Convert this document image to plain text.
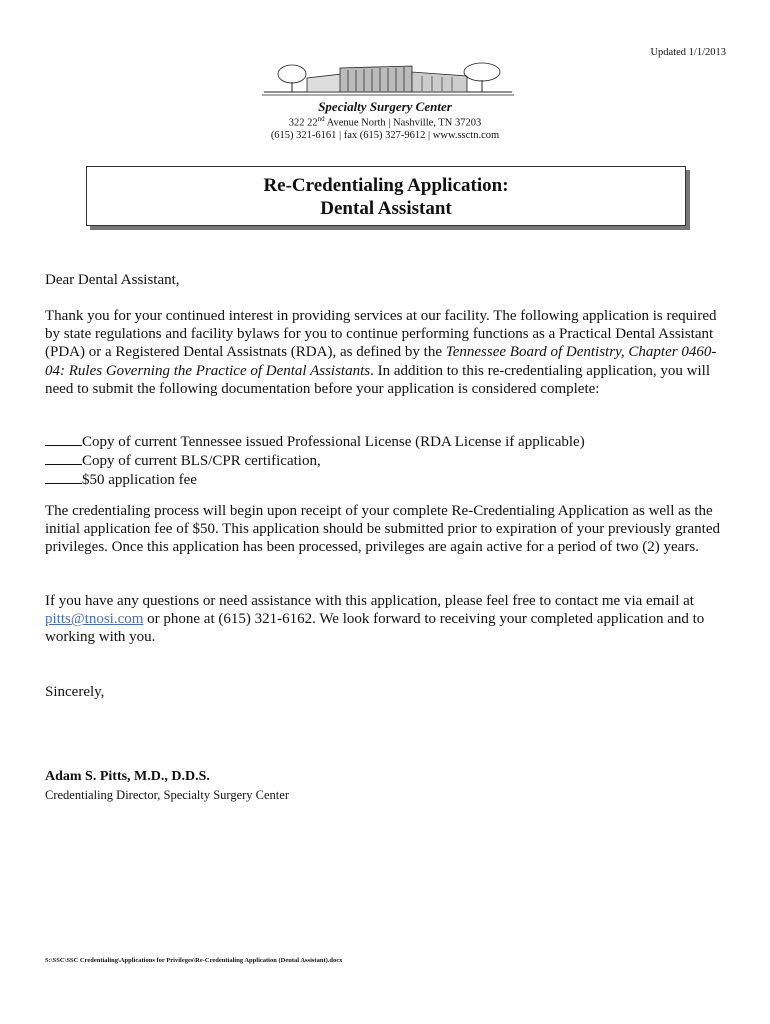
Updated 1/1/2013
Specialty Surgery Center
322 22nd Avenue North | Nashville, TN 37203
(615) 321-6161 | fax (615) 327-9612 | www.ssctn.com
Re-Credentialing Application:
Dental Assistant
Dear Dental Assistant,
Thank you for your continued interest in providing services at our facility. The following application is required by state regulations and facility bylaws for you to continue performing functions as a Practical Dental Assistant (PDA) or a Registered Dental Assistnats (RDA), as defined by the Tennessee Board of Dentistry, Chapter 0460-04: Rules Governing the Practice of Dental Assistants. In addition to this re-credentialing application, you will need to submit the following documentation before your application is considered complete:
Copy of current Tennessee issued Professional License (RDA License if applicable)
Copy of current BLS/CPR certification,
$50 application fee
The credentialing process will begin upon receipt of your complete Re-Credentialing Application as well as the initial application fee of $50. This application should be submitted prior to expiration of your previously granted privileges. Once this application has been processed, privileges are again active for a period of two (2) years.
If you have any questions or need assistance with this application, please feel free to contact me via email at pitts@tnosi.com or phone at (615) 321-6162. We look forward to receiving your completed application and to working with you.
Sincerely,
Adam S. Pitts, M.D., D.D.S.
Credentialing Director, Specialty Surgery Center
S:\SSC\SSC Credentialing\Applications for Privileges\Re-Credentialing Application (Dental Assistant).docx
